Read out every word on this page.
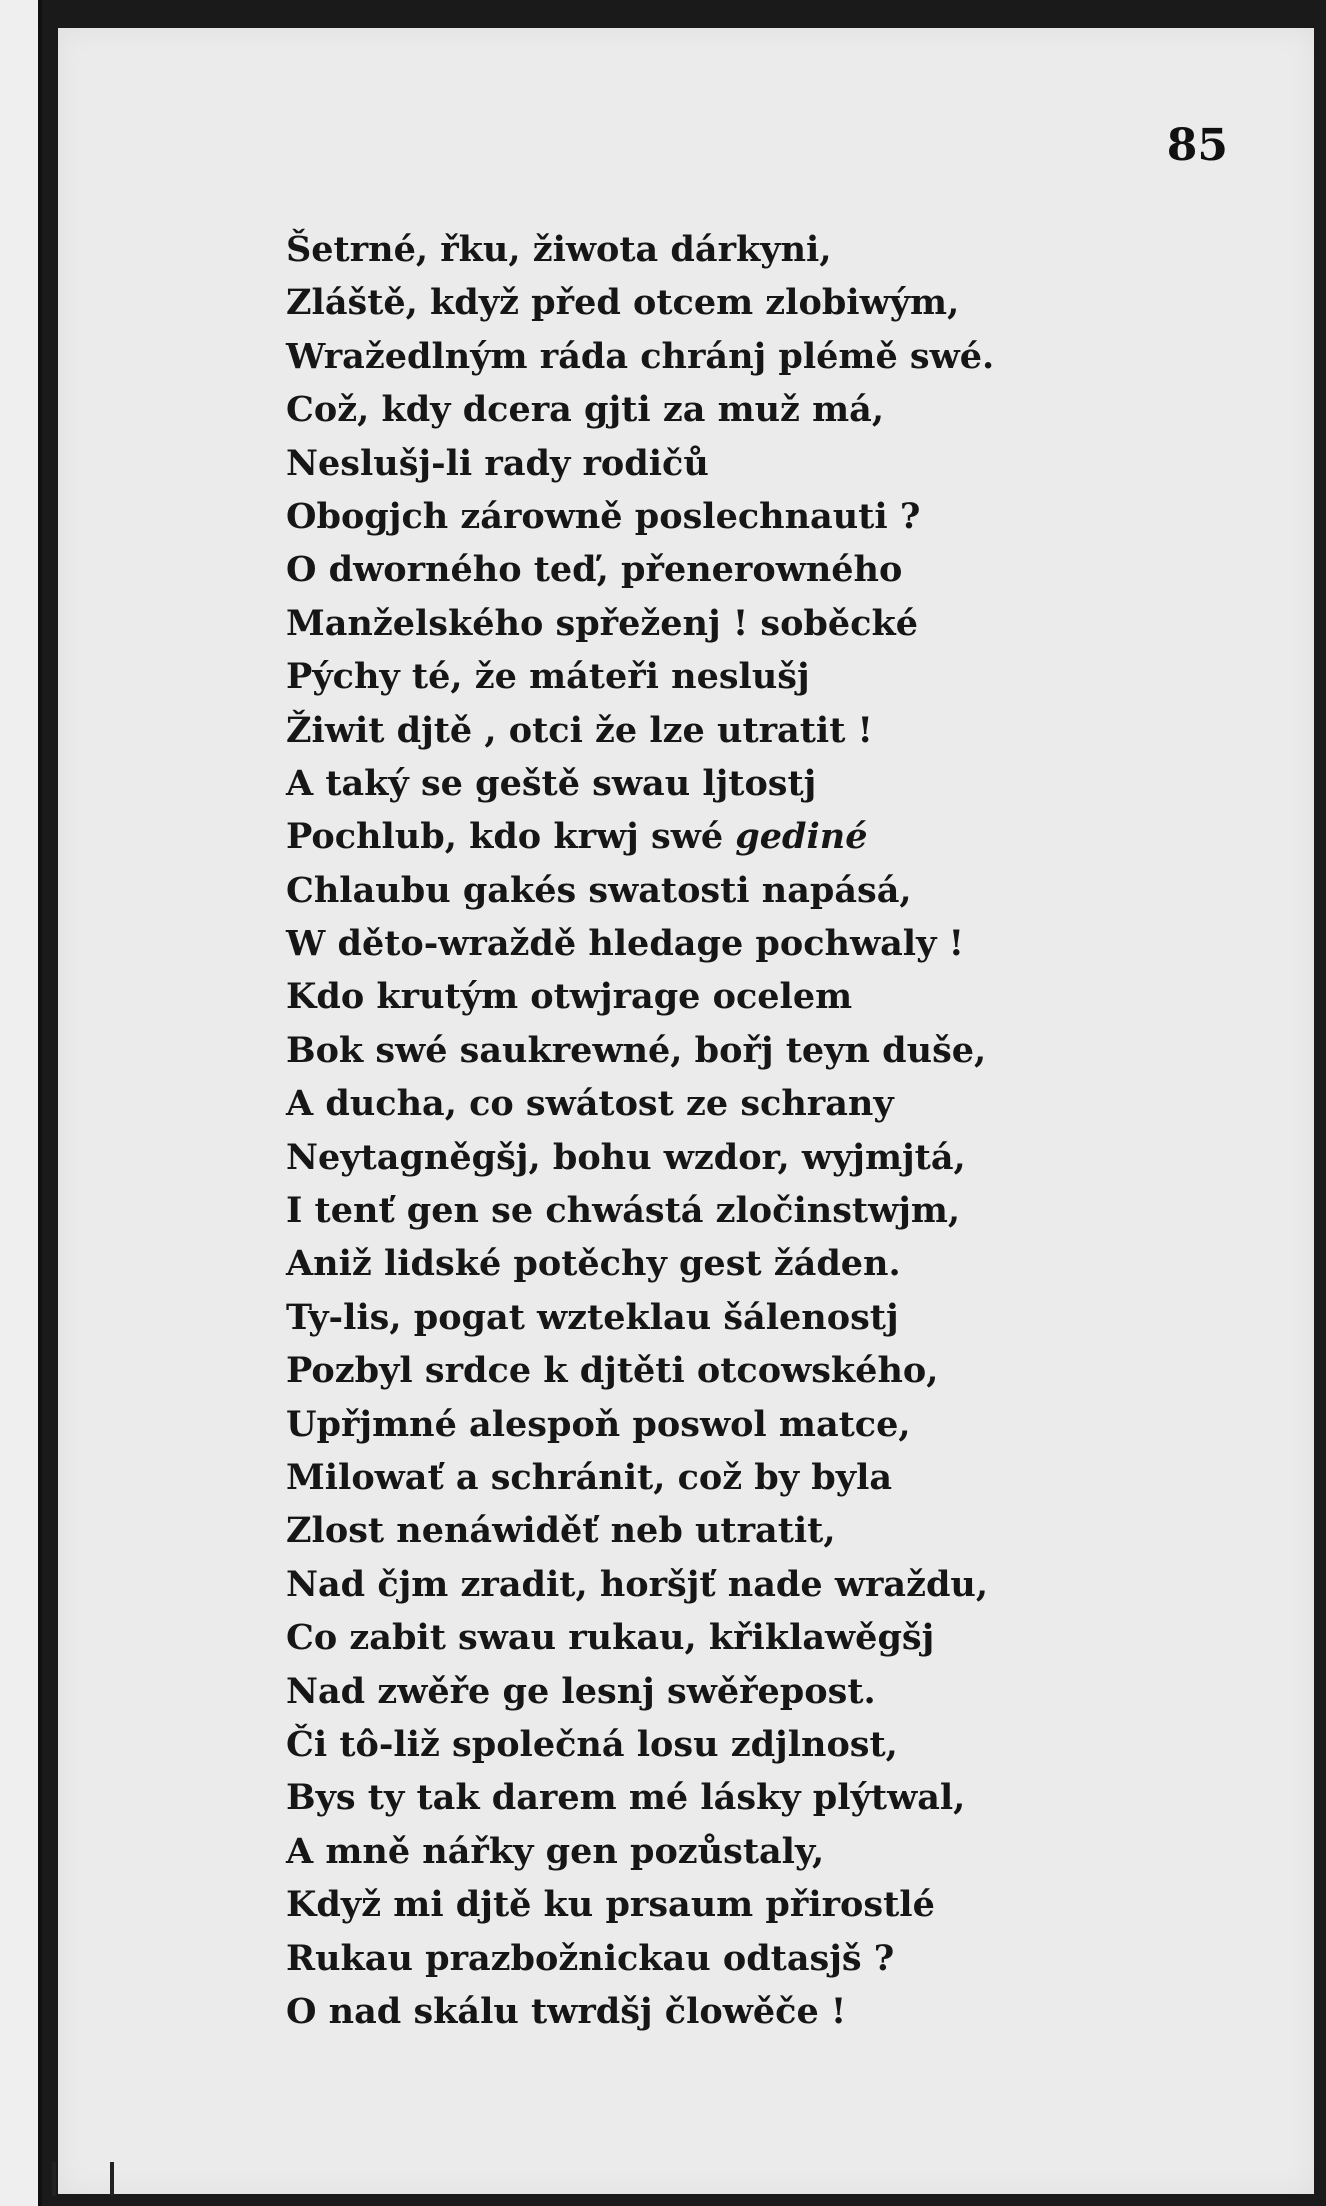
85
Šetrné, řku, žiwota dárkyni,
Zláště, když před otcem zlobiwým,
Wražedlným ráda chránj plémě swé.
Což, kdy dcera gjti za muž má,
Neslušj-li rady rodičů
Obogjch zárowně poslechnauti ?
O dworného teď, přenerowného
Manželského spřeženj ! soběcké
Pýchy té, že máteři neslušj
Žiwit djtě , otci že lze utratit !
A taký se geště swau ljtostj
Pochlub, kdo krwj swé gediné
Chlaubu gakés swatosti napásá,
W děto-wraždě hledage pochwaly !
Kdo krutým otwjrage ocelem
Bok swé saukrewné, bořj teyn duše,
A ducha, co swátost ze schrany
Neytagněgšj, bohu wzdor, wyjmjtá,
I tenť gen se chwástá zločinstwjm,
Aniž lidské potěchy gest žáden.
Ty-lis, pogat wzteklau šálenostj
Pozbyl srdce k djtěti otcowského,
Upřjmné alespoň poswol matce,
Milowať a schránit, což by byla
Zlost nenáwiděť neb utratit,
Nad čjm zradit, horšjť nade wraždu,
Co zabit swau rukau, křiklawěgšj
Nad zwěře ge lesnj swěřepost.
Či tô-liž společná losu zdjlnost,
Bys ty tak darem mé lásky plýtwal,
A mně nářky gen pozůstaly,
Když mi djtě ku prsaum přirostlé
Rukau prazbožnickau odtasjš ?
O nad skálu twrdšj člowěče !
